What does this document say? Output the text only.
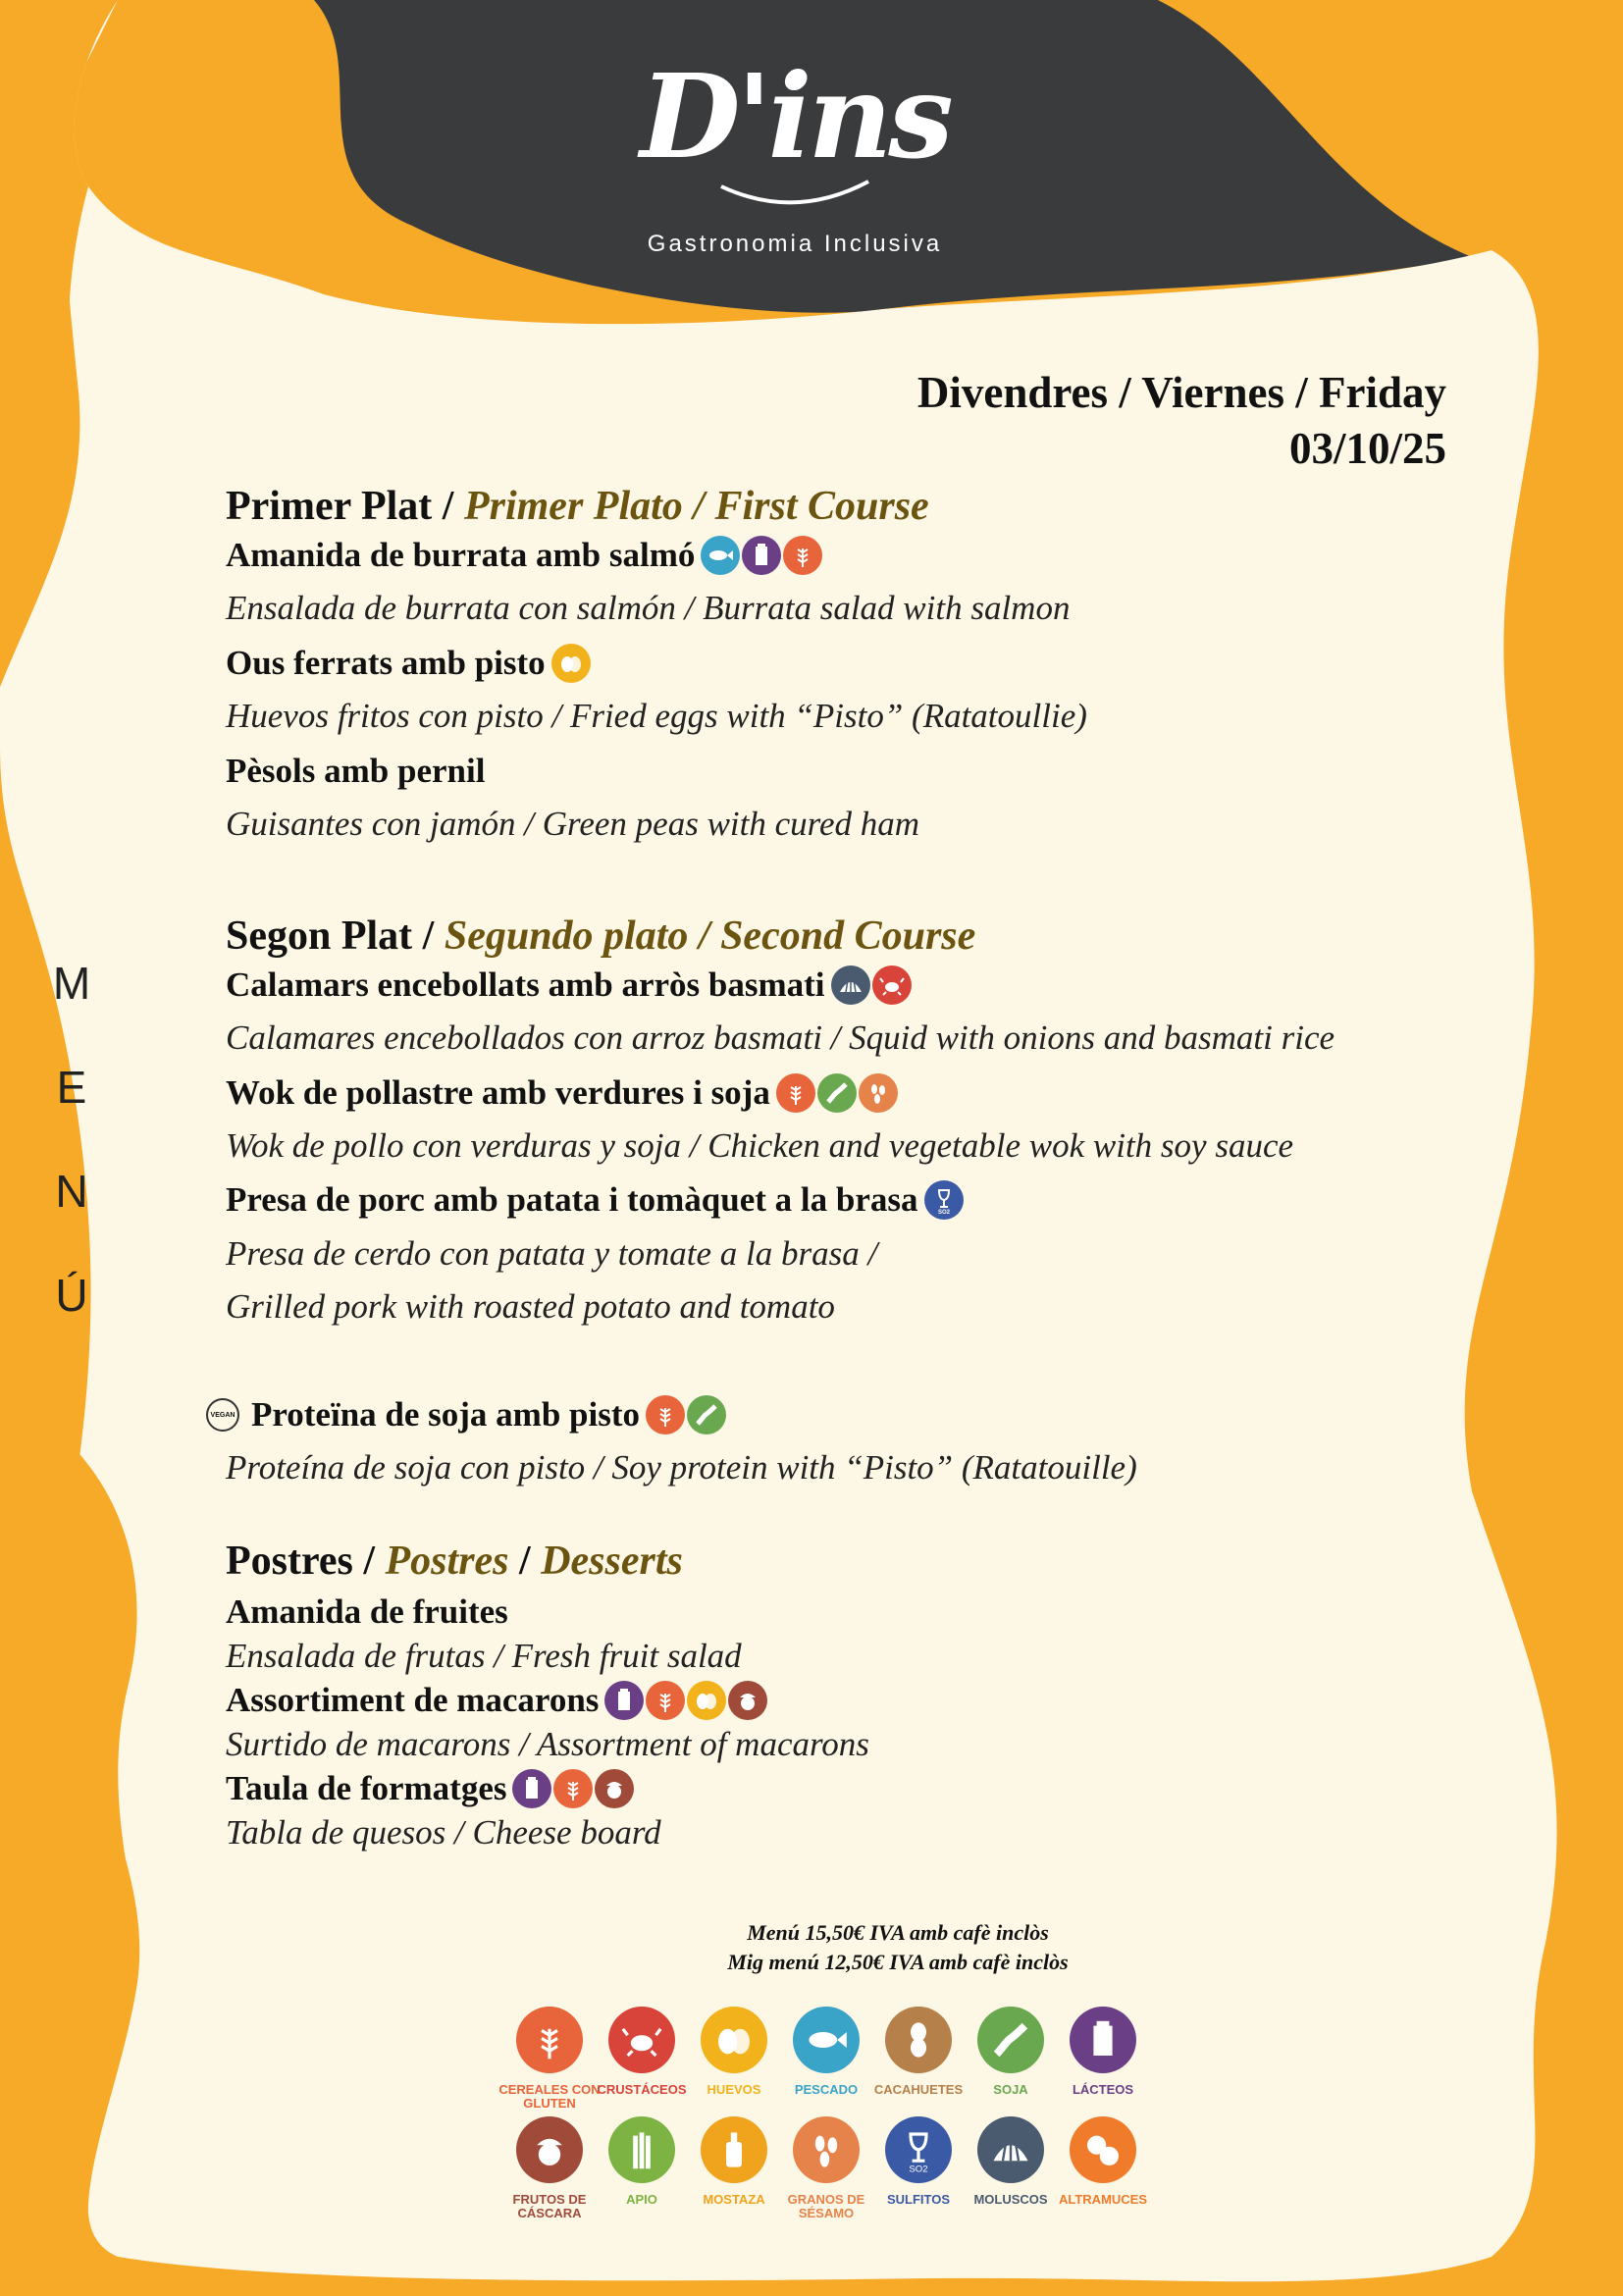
D'ins
Gastronomia Inclusiva
Divendres / Viernes / Friday
03/10/25
M
E
N
Ú
Primer Plat / Primer Plato / First Course
Amanida de burrata amb salmó
Ensalada de burrata con salmón / Burrata salad with salmon
Ous ferrats amb pisto
Huevos fritos con pisto / Fried eggs with “Pisto” (Ratatoullie)
Pèsols amb pernil
Guisantes con jamón / Green peas with cured ham
Segon Plat / Segundo plato / Second Course
Calamars encebollats amb arròs basmati
Calamares encebollados con arroz basmati / Squid with onions and basmati rice
Wok de pollastre amb verdures i soja
Wok de pollo con verduras y soja / Chicken and vegetable wok with soy sauce
Presa de porc amb patata i tomàquet a la brasa	SO2
Presa de cerdo con patata y tomate a la brasa /
Grilled pork with roasted potato and tomato
VEGAN Proteïna de soja amb pisto
Proteína de soja con pisto / Soy protein with “Pisto” (Ratatouille)
Postres / Postres / Desserts
Amanida de fruites
Ensalada de frutas / Fresh fruit salad
Assortiment de macarons
Surtido de macarons / Assortment of macarons
Taula de formatges
Tabla de quesos / Cheese board
Menú 15,50€ IVA amb cafè inclòs
Mig menú 12,50€ IVA amb cafè inclòs
CEREALES CON GLUTEN
CRUSTÁCEOS	HUEVOS	PESCADO	CACAHUETES	SOJA	LÁCTEOS
FRUTOS DE CÁSCARA
APIO	MOSTAZA	GRANOS DE SÉSAMO
SO2
SULFITOS	MOLUSCOS ALTRAMUCES
